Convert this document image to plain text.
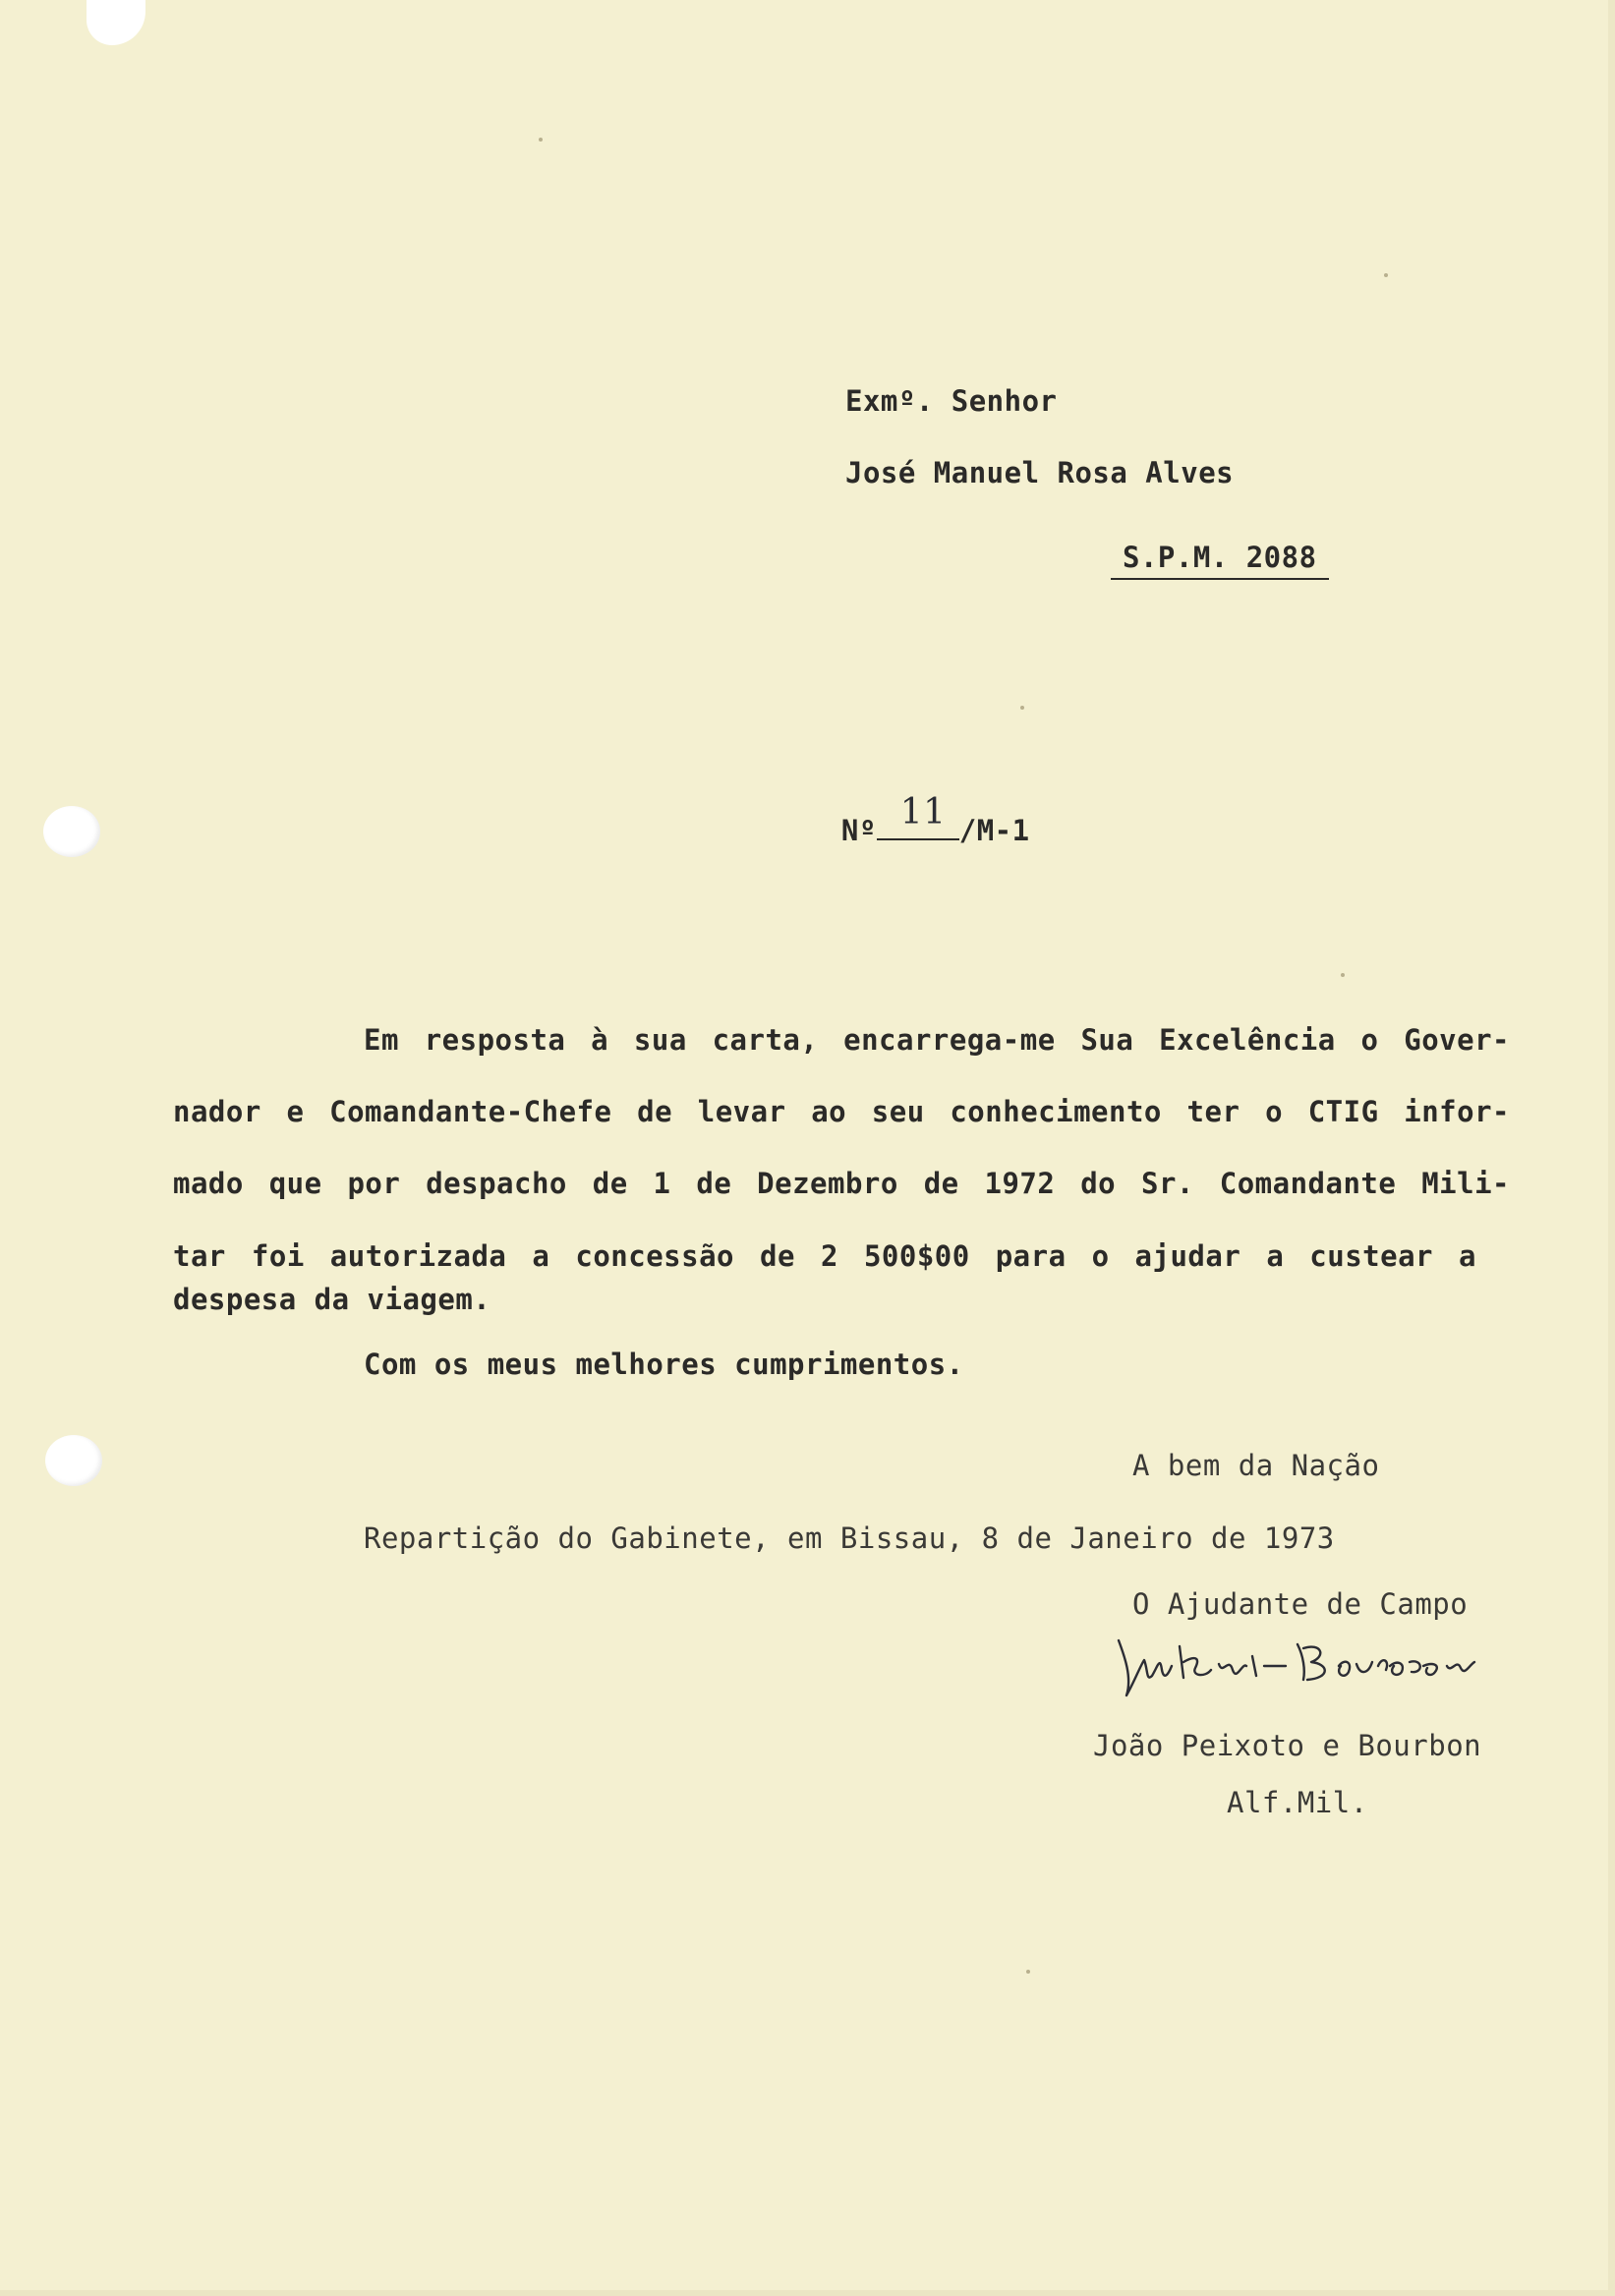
Exmº. Senhor

José Manuel Rosa Alves

S.P.M. 2088

Nº 11 /M-1

Em resposta à sua carta, encarrega-me Sua Excelência o Gover-

nador e Comandante-Chefe de levar ao seu conhecimento ter o CTIG infor-

mado que por despacho de 1 de Dezembro de 1972 do Sr. Comandante Mili-

tar foi autorizada a concessão de 2 500$00 para o ajudar a custear a

despesa da viagem.

Com os meus melhores cumprimentos.

A bem da Nação

Repartição do Gabinete, em Bissau, 8 de Janeiro de 1973

O Ajudante de Campo

João Peixoto e Bourbon

Alf.Mil.
